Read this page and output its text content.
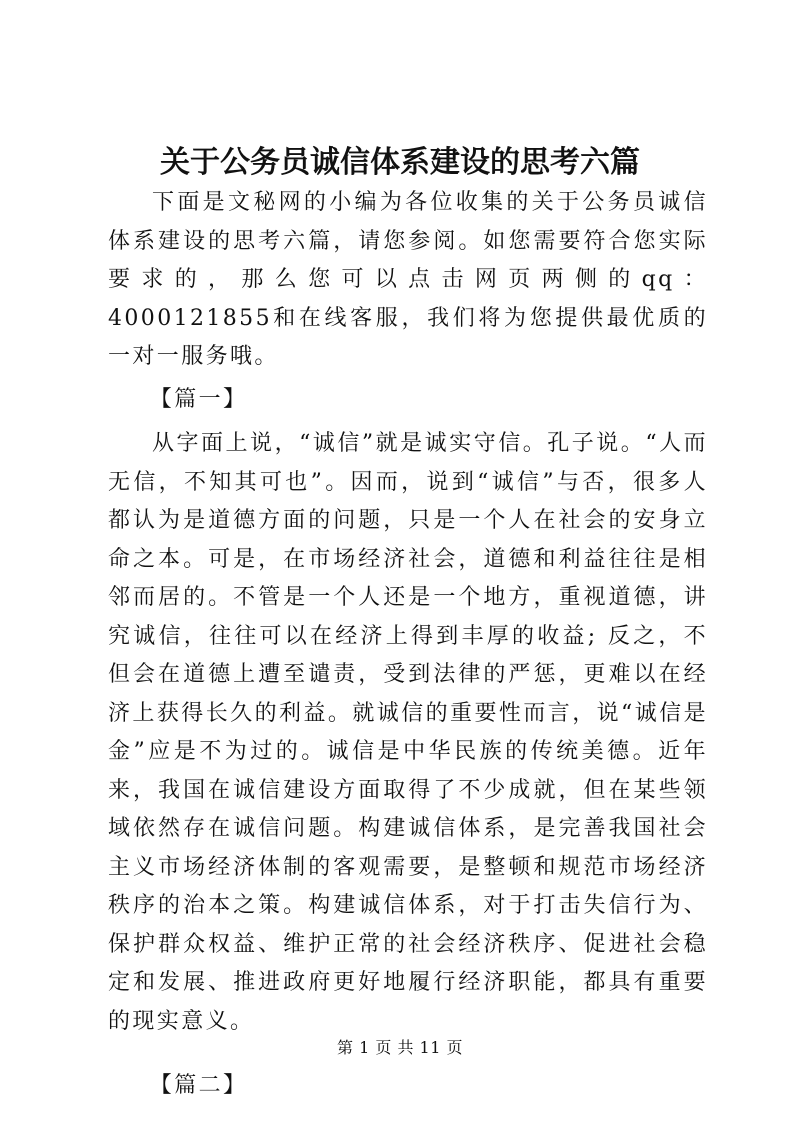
关于公务员诚信体系建设的思考六篇

下面是文秘网的小编为各位收集的关于公务员诚信体系建设的思考六篇，请您参阅。如您需要符合您实际要求的，那么您可以点击网页两侧的qq：4000121855和在线客服，我们将为您提供最优质的一对一服务哦。

【篇一】

从字面上说，“诚信”就是诚实守信。孔子说。“人而无信，不知其可也”。因而，说到“诚信”与否，很多人都认为是道德方面的问题，只是一个人在社会的安身立命之本。可是，在市场经济社会，道德和利益往往是相邻而居的。不管是一个人还是一个地方，重视道德，讲究诚信，往往可以在经济上得到丰厚的收益; 反之，不但会在道德上遭至谴责，受到法律的严惩，更难以在经济上获得长久的利益。就诚信的重要性而言，说“诚信是金”应是不为过的。诚信是中华民族的传统美德。近年来，我国在诚信建设方面取得了不少成就，但在某些领域依然存在诚信问题。构建诚信体系，是完善我国社会主义市场经济体制的客观需要，是整顿和规范市场经济秩序的治本之策。构建诚信体系，对于打击失信行为、保护群众权益、维护正常的社会经济秩序、促进社会稳定和发展、推进政府更好地履行经济职能，都具有重要的现实意义。

【篇二】

第 1 页 共 11 页
